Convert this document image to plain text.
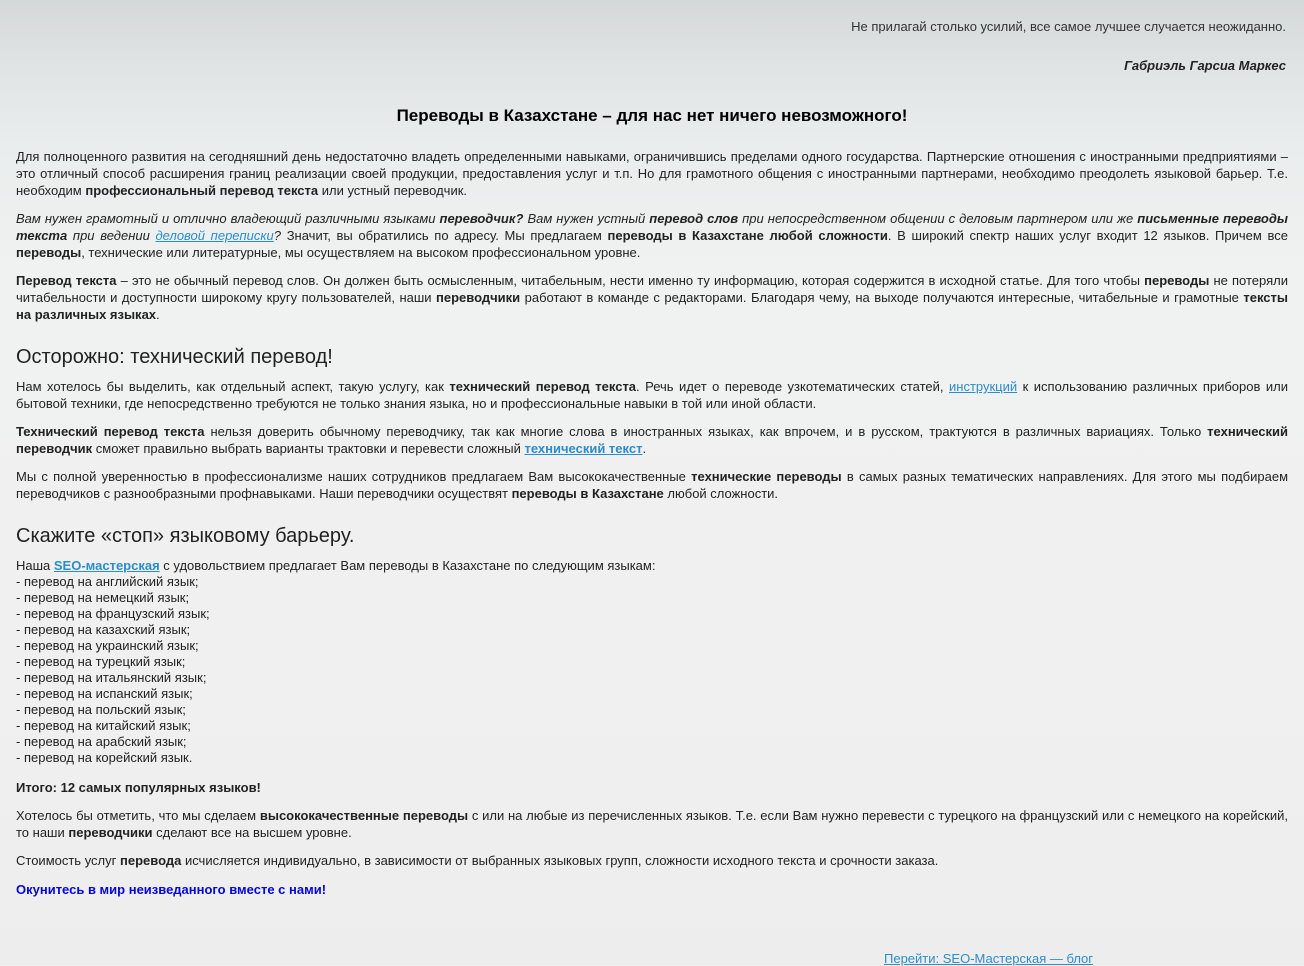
Не прилагай столько усилий, все самое лучшее случается неожиданно.
Габриэль Гарсиа Маркес
Переводы в Казахстане – для нас нет ничего невозможного!

Для полноценного развития на сегодняшний день недостаточно владеть определенными навыками, ограничившись пределами одного государства. Партнерские отношения с иностранными предприятиями – это отличный способ расширения границ реализации своей продукции, предоставления услуг и т.п. Но для грамотного общения с иностранными партнерами, необходимо преодолеть языковой барьер. Т.е. необходим профессиональный перевод текста или устный переводчик.

Вам нужен грамотный и отлично владеющий различными языками переводчик? Вам нужен устный перевод слов при непосредственном общении с деловым партнером или же письменные переводы текста при ведении деловой переписки? Значит, вы обратились по адресу. Мы предлагаем переводы в Казахстане любой сложности. В широкий спектр наших услуг входит 12 языков. Причем все переводы, технические или литературные, мы осуществляем на высоком профессиональном уровне.

Перевод текста – это не обычный перевод слов. Он должен быть осмысленным, читабельным, нести именно ту информацию, которая содержится в исходной статье. Для того чтобы переводы не потеряли читабельности и доступности широкому кругу пользователей, наши переводчики работают в команде с редакторами. Благодаря чему, на выходе получаются интересные, читабельные и грамотные тексты на различных языках.

Осторожно: технический перевод!

Нам хотелось бы выделить, как отдельный аспект, такую услугу, как технический перевод текста. Речь идет о переводе узкотематических статей, инструкций к использованию различных приборов или бытовой техники, где непосредственно требуются не только знания языка, но и профессиональные навыки в той или иной области.

Технический перевод текста нельзя доверить обычному переводчику, так как многие слова в иностранных языках, как впрочем, и в русском, трактуются в различных вариациях. Только технический переводчик сможет правильно выбрать варианты трактовки и перевести сложный технический текст.

Мы с полной уверенностью в профессионализме наших сотрудников предлагаем Вам высококачественные технические переводы в самых разных тематических направлениях. Для этого мы подбираем переводчиков с разнообразными профнавыками. Наши переводчики осуществят переводы в Казахстане любой сложности.

Скажите «стоп» языковому барьеру.

Наша SEO-мастерская с удовольствием предлагает Вам переводы в Казахстане по следующим языкам:

- перевод на английский язык;
- перевод на немецкий язык;
- перевод на французский язык;
- перевод на казахский язык;
- перевод на украинский язык;
- перевод на турецкий язык;
- перевод на итальянский язык;
- перевод на испанский язык;
- перевод на польский язык;
- перевод на китайский язык;
- перевод на арабский язык;
- перевод на корейский язык.

Итого: 12 самых популярных языков!

Хотелось бы отметить, что мы сделаем высококачественные переводы с или на любые из перечисленных языков. Т.е. если Вам нужно перевести с турецкого на французский или с немецкого на корейский, то наши переводчики сделают все на высшем уровне.

Стоимость услуг перевода исчисляется индивидуально, в зависимости от выбранных языковых групп, сложности исходного текста и срочности заказа.

Окунитесь в мир неизведанного вместе с нами!

Перейти: SEO-Мастерская — блог
